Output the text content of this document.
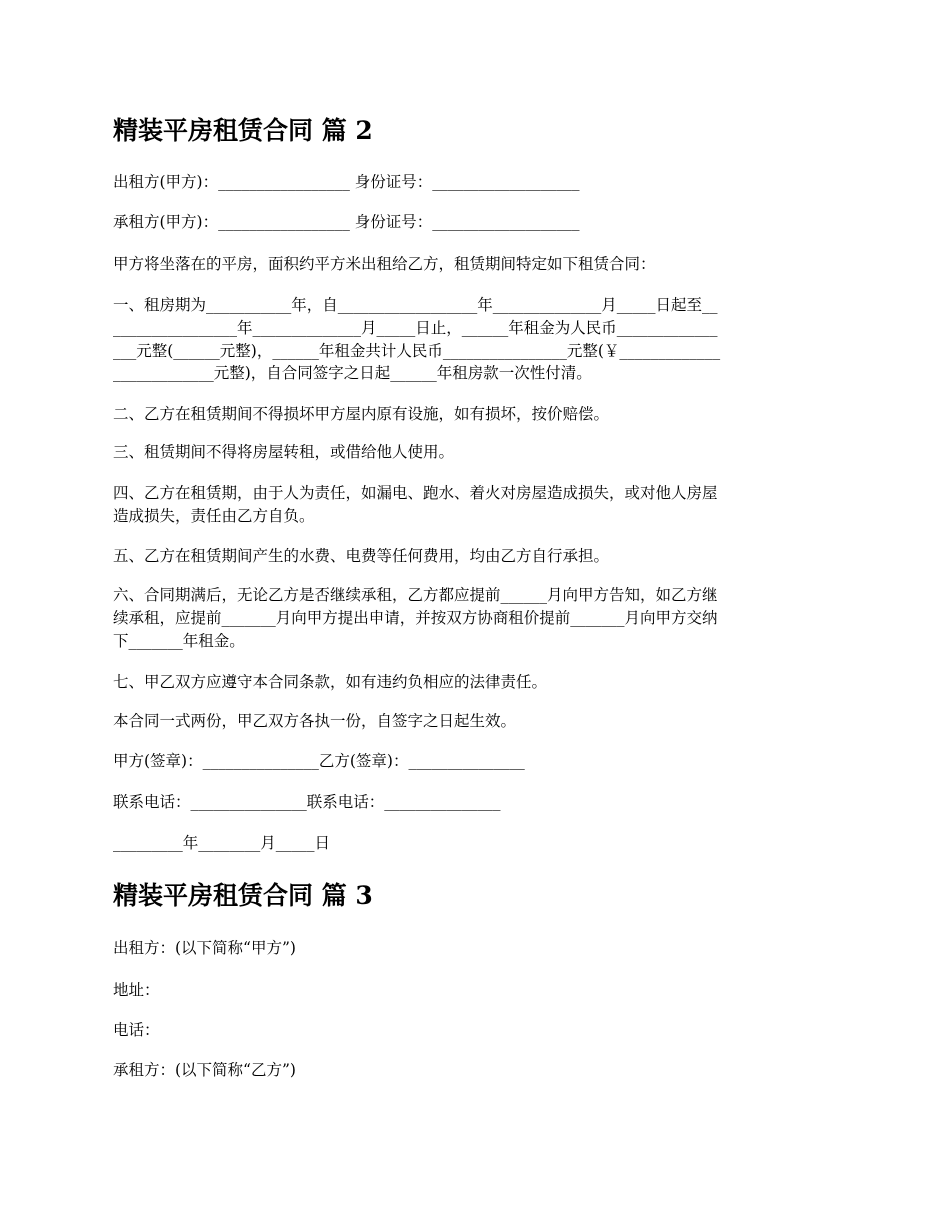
精装平房租赁合同 篇 2

出租方(甲方)：_________________ 身份证号：___________________

承租方(甲方)：_________________ 身份证号：___________________

甲方将坐落在的平房，面积约平方米出租给乙方，租赁期间特定如下租赁合同：

一、租房期为___________年，自__________________年______________月_____日起至__

________________年______________月_____日止，______年租金为人民币_____________

___元整(______元整)，______年租金共计人民币________________元整(￥_____________

_____________元整)，自合同签字之日起______年租房款一次性付清。

二、乙方在租赁期间不得损坏甲方屋内原有设施，如有损坏，按价赔偿。

三、租赁期间不得将房屋转租，或借给他人使用。

四、乙方在租赁期，由于人为责任，如漏电、跑水、着火对房屋造成损失，或对他人房屋

造成损失，责任由乙方自负。

五、乙方在租赁期间产生的水费、电费等任何费用，均由乙方自行承担。

六、合同期满后，无论乙方是否继续承租，乙方都应提前______月向甲方告知，如乙方继

续承租，应提前_______月向甲方提出申请，并按双方协商租价提前_______月向甲方交纳

下_______年租金。

七、甲乙双方应遵守本合同条款，如有违约负相应的法律责任。

本合同一式两份，甲乙双方各执一份，自签字之日起生效。

甲方(签章)：_______________乙方(签章)：_______________

联系电话：_______________联系电话：_______________

_________年________月_____日

精装平房租赁合同 篇 3

出租方：(以下简称“甲方”)

地址：

电话：

承租方：(以下简称“乙方”)
